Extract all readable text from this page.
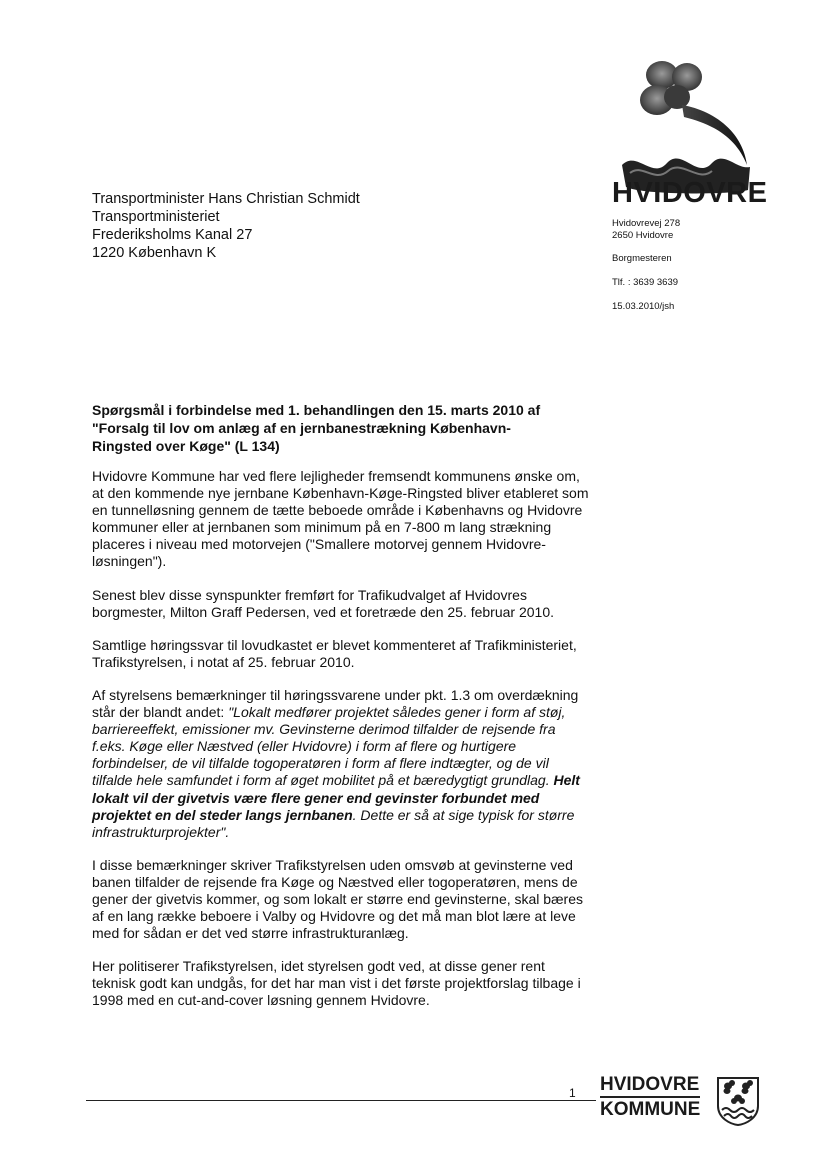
Transportminister Hans Christian Schmidt
Transportministeriet
Frederiksholms Kanal 27
1220 København K
HVIDOVRE
Hvidovrevej 278
2650 Hvidovre
Borgmesteren
Tlf. : 3639 3639
15.03.2010/jsh
Spørgsmål i forbindelse med 1. behandlingen den 15. marts 2010 af
"Forsalg til lov om anlæg af en jernbanestrækning København-
Ringsted over Køge" (L 134)

Hvidovre Kommune har ved flere lejligheder fremsendt kommunens ønske om, at den kommende nye jernbane København-Køge-Ringsted bliver etableret som en tunnelløsning gennem de tætte beboede område i Københavns og Hvidovre kommuner eller at jernbanen som minimum på en 7-800 m lang strækning placeres i niveau med motorvejen ("Smallere motorvej gennem Hvidovre-løsningen").

Senest blev disse synspunkter fremført for Trafikudvalget af Hvidovres borgmester, Milton Graff Pedersen, ved et foretræde den 25. februar 2010.

Samtlige høringssvar til lovudkastet er blevet kommenteret af Trafikministeriet, Trafikstyrelsen, i notat af 25. februar 2010.

Af styrelsens bemærkninger til høringssvarene under pkt. 1.3 om overdækning står der blandt andet: "Lokalt medfører projektet således gener i form af støj, barriereeffekt, emissioner mv. Gevinsterne derimod tilfalder de rejsende fra f.eks. Køge eller Næstved (eller Hvidovre) i form af flere og hurtigere forbindelser, de vil tilfalde togoperatøren i form af flere indtægter, og de vil tilfalde hele samfundet i form af øget mobilitet på et bæredygtigt grundlag. Helt lokalt vil der givetvis være flere gener end gevinster forbundet med projektet en del steder langs jernbanen. Dette er så at sige typisk for større infrastrukturprojekter".

I disse bemærkninger skriver Trafikstyrelsen uden omsvøb at gevinsterne ved banen tilfalder de rejsende fra Køge og Næstved eller togoperatøren, mens de gener der givetvis kommer, og som lokalt er større end gevinsterne, skal bæres af en lang række beboere i Valby og Hvidovre og det må man blot lære at leve med for sådan er det ved større infrastrukturanlæg.

Her politiserer Trafikstyrelsen, idet styrelsen godt ved, at disse gener rent teknisk godt kan undgås, for det har man vist i det første projektforslag tilbage i 1998 med en cut-and-cover løsning gennem Hvidovre.

1 HVIDOVRE
KOMMUNE
